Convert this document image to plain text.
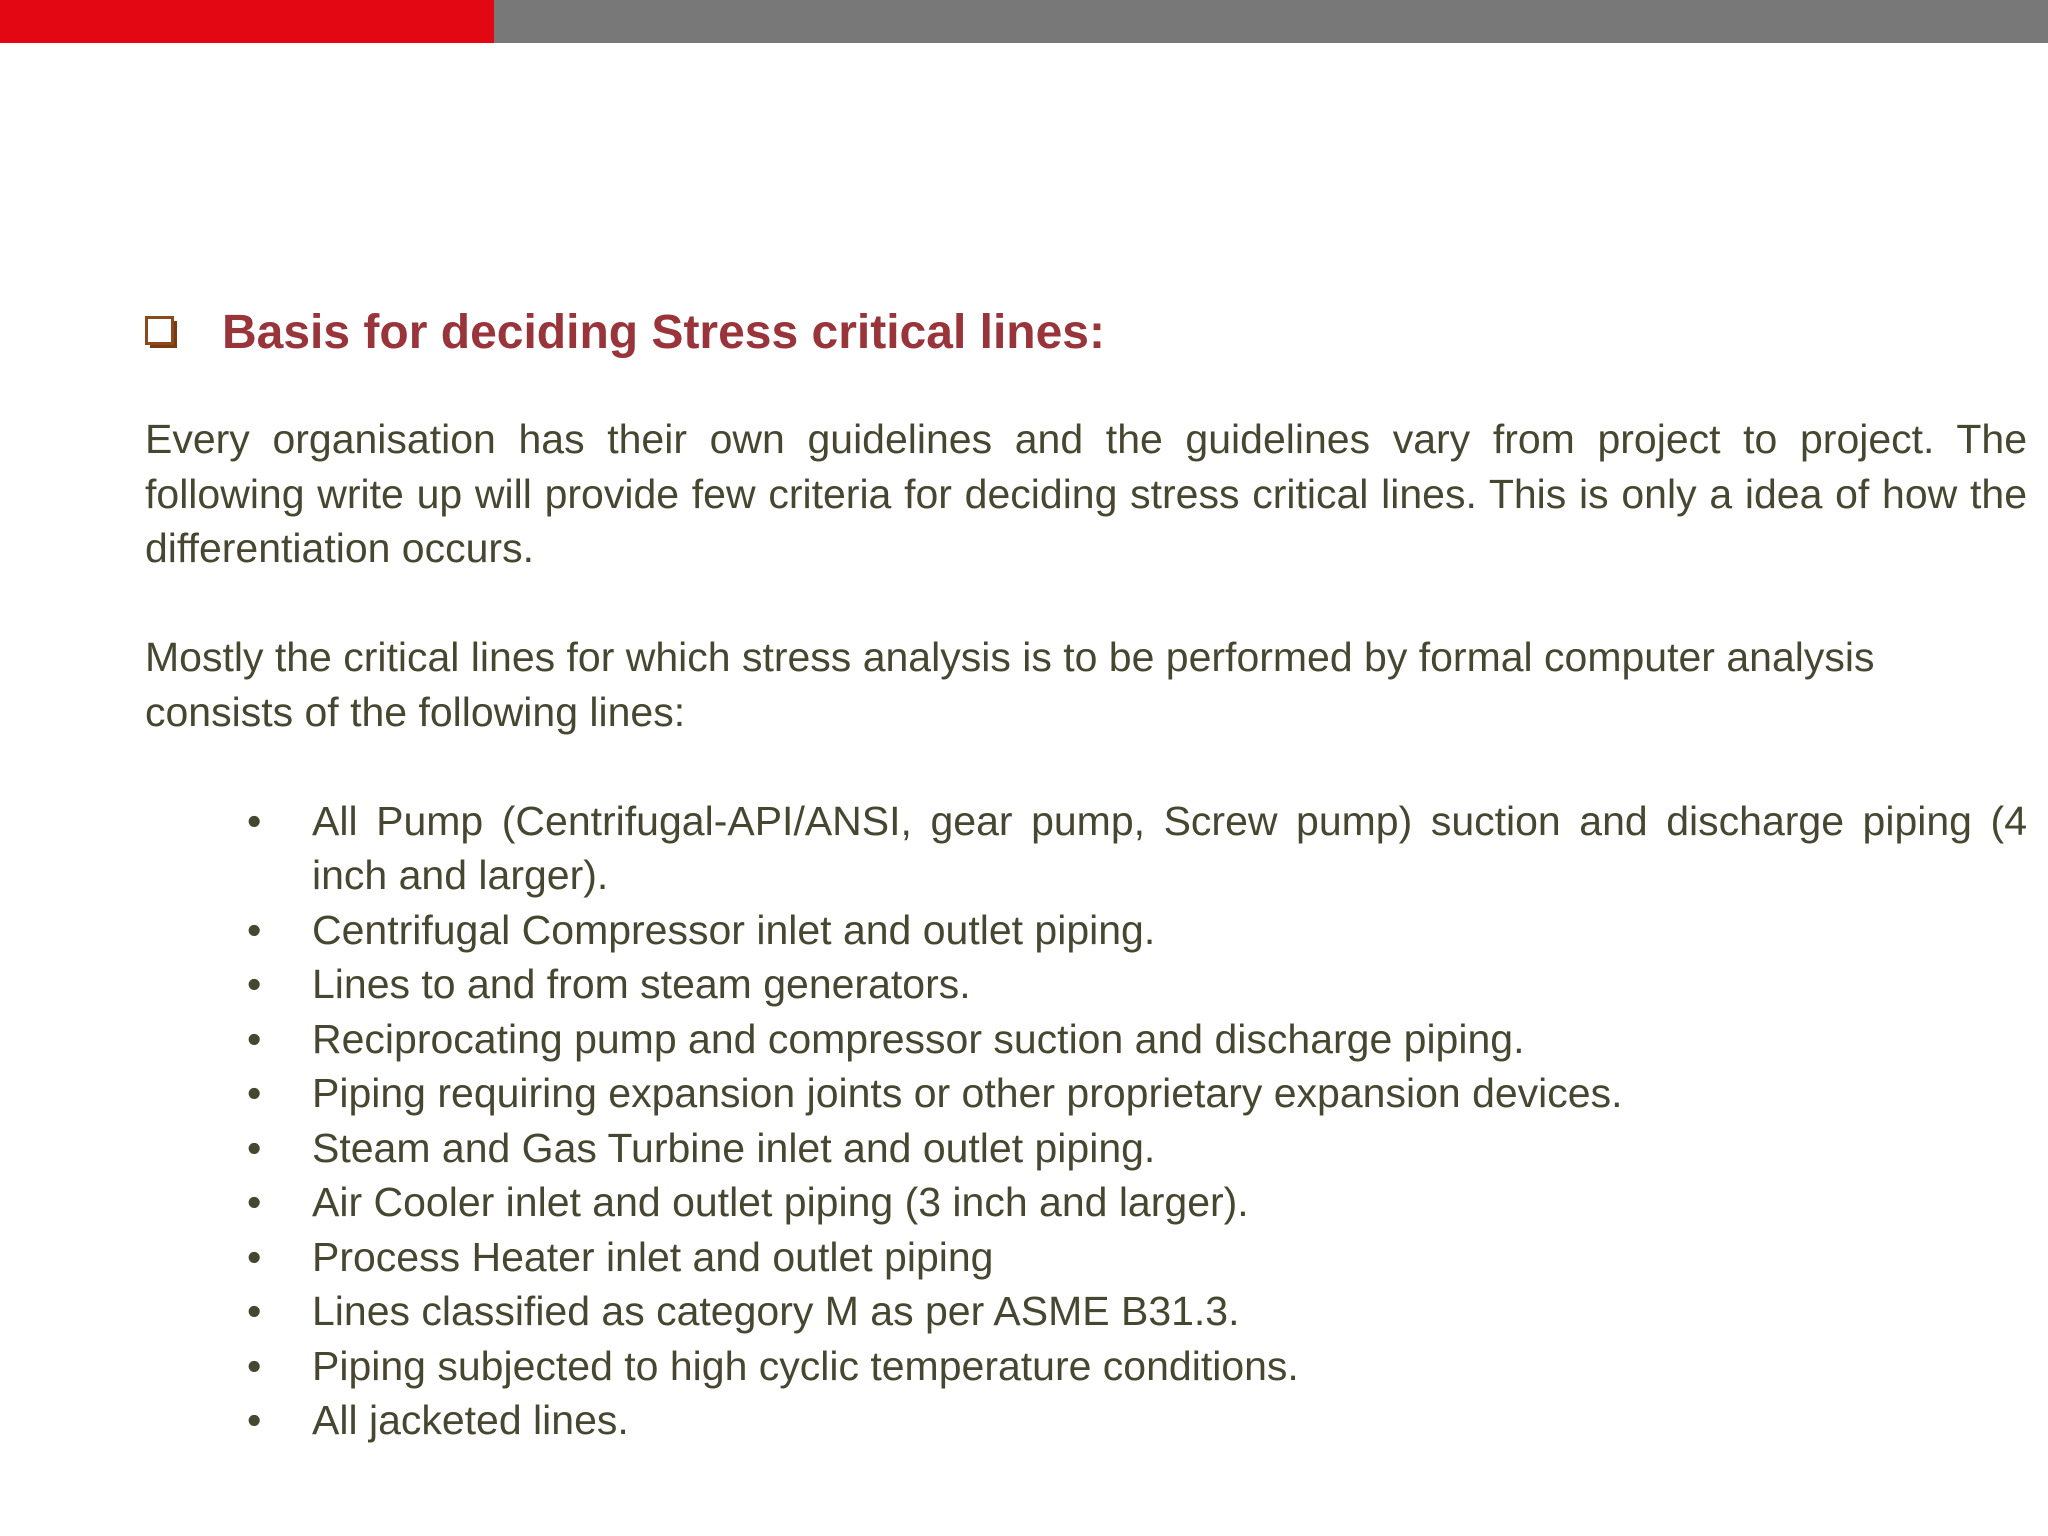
Basis for deciding Stress critical lines:

Every organisation has their own guidelines and the guidelines vary from project to project. The following write up will provide few criteria for deciding stress critical lines. This is only a idea of how the differentiation occurs.

Mostly the critical lines for which stress analysis is to be performed by formal computer analysis consists of the following lines:

• All Pump (Centrifugal-API/ANSI, gear pump, Screw pump) suction and discharge piping (4 inch and larger).
• Centrifugal Compressor inlet and outlet piping.
• Lines to and from steam generators.
• Reciprocating pump and compressor suction and discharge piping.
• Piping requiring expansion joints or other proprietary expansion devices.
• Steam and Gas Turbine inlet and outlet piping.
• Air Cooler inlet and outlet piping (3 inch and larger).
• Process Heater inlet and outlet piping
• Lines classified as category M as per ASME B31.3.
• Piping subjected to high cyclic temperature conditions.
• All jacketed lines.
